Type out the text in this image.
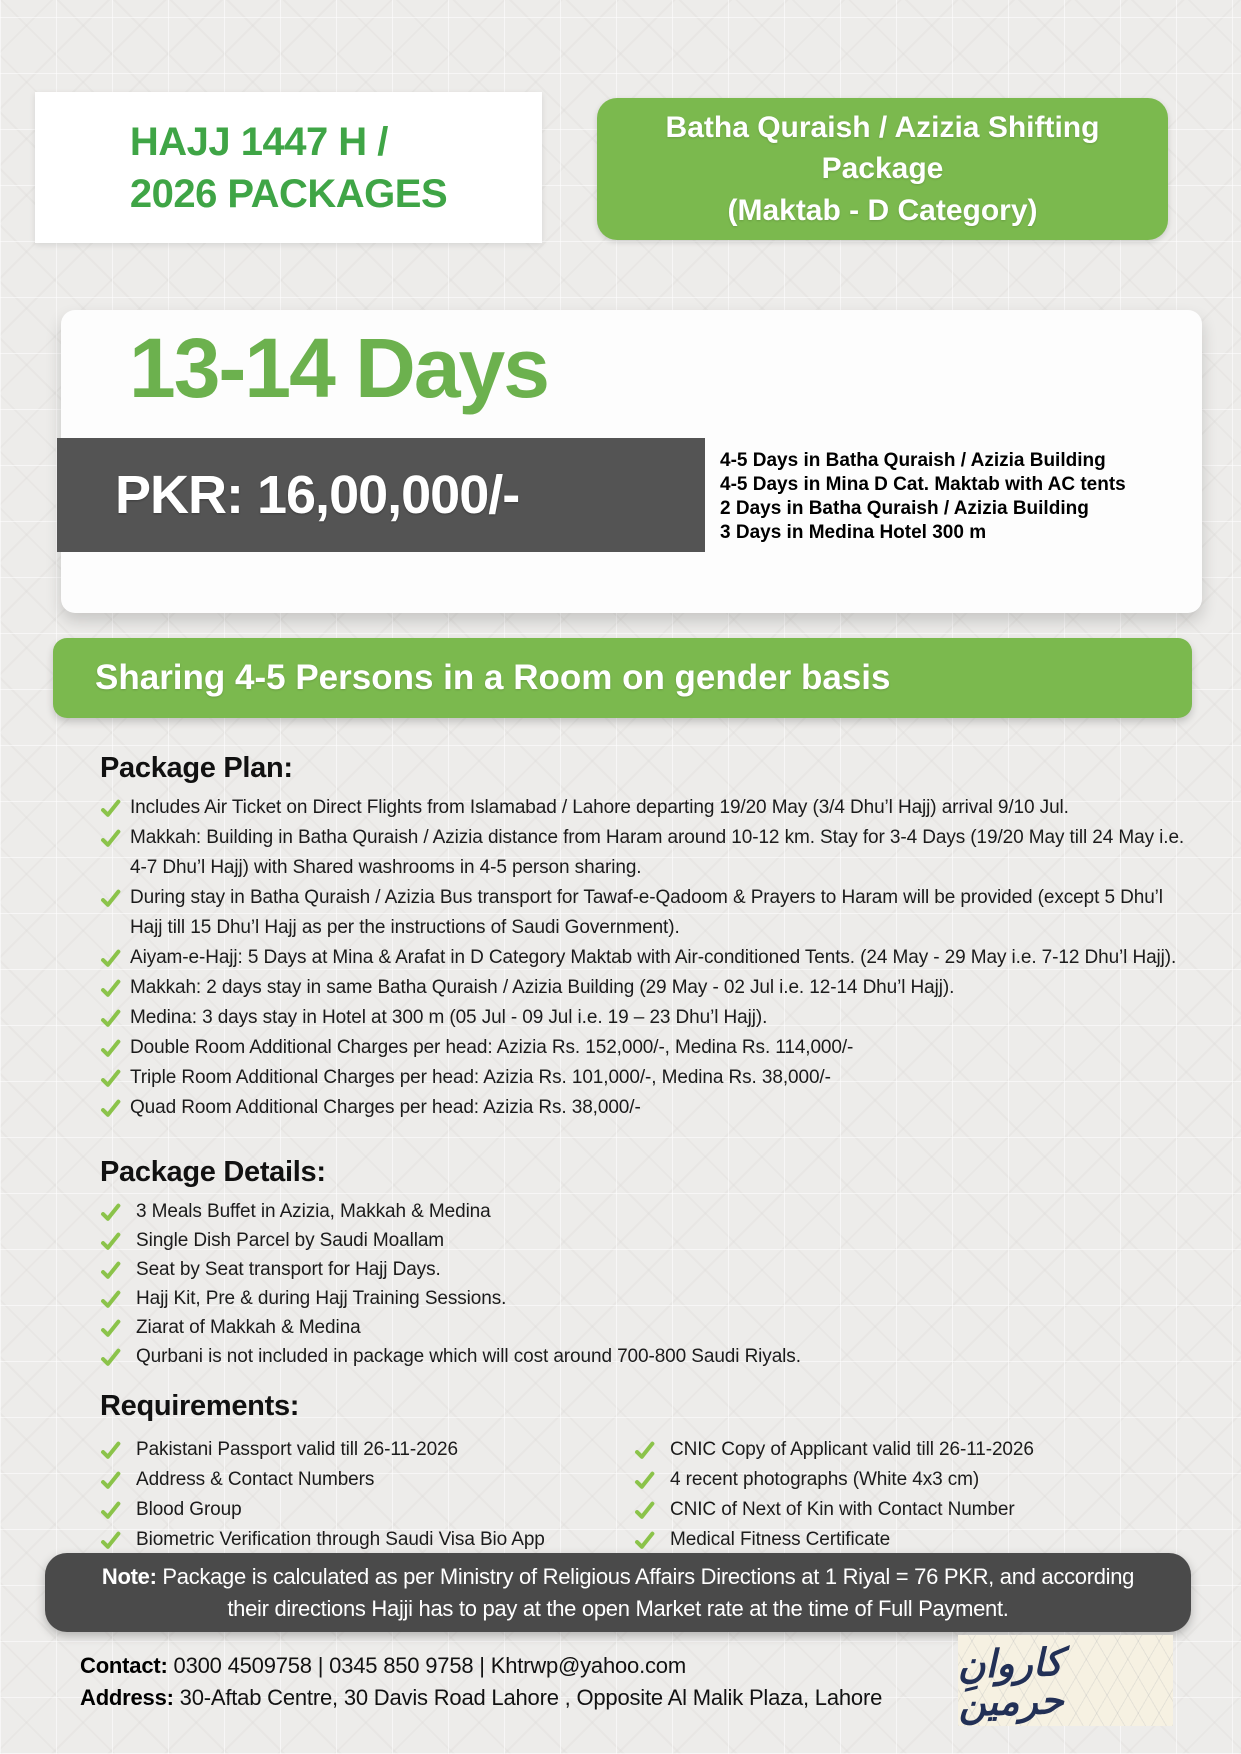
HAJJ 1447 H /
2026 PACKAGES
Batha Quraish / Azizia Shifting Package
(Maktab - D Category)
13-14 Days
PKR: 16,00,000/-
4-5 Days in Batha Quraish / Azizia Building
4-5 Days in Mina D Cat. Maktab with AC tents
2 Days in Batha Quraish / Azizia Building
3 Days in Medina Hotel 300 m
Sharing 4-5 Persons in a Room on gender basis
Package Plan:
Includes Air Ticket on Direct Flights from Islamabad / Lahore departing 19/20 May (3/4 Dhu’l Hajj) arrival 9/10 Jul.
Makkah: Building in Batha Quraish / Azizia distance from Haram around 10-12 km. Stay for 3-4 Days (19/20 May till 24 May i.e. 4-7 Dhu’l Hajj) with Shared washrooms in 4-5 person sharing.
During stay in Batha Quraish / Azizia Bus transport for Tawaf-e-Qadoom & Prayers to Haram will be provided (except 5 Dhu’l Hajj till 15 Dhu’l Hajj as per the instructions of Saudi Government).
Aiyam-e-Hajj: 5 Days at Mina & Arafat in D Category Maktab with Air-conditioned Tents. (24 May - 29 May i.e. 7-12 Dhu’l Hajj).
Makkah: 2 days stay in same Batha Quraish / Azizia Building (29 May - 02 Jul i.e. 12-14 Dhu’l Hajj).
Medina: 3 days stay in Hotel at 300 m (05 Jul - 09 Jul i.e. 19 – 23 Dhu’l Hajj).
Double Room Additional Charges per head: Azizia Rs. 152,000/-, Medina Rs. 114,000/-
Triple Room Additional Charges per head: Azizia Rs. 101,000/-, Medina Rs. 38,000/-
Quad Room Additional Charges per head: Azizia Rs. 38,000/-
Package Details:
3 Meals Buffet in Azizia, Makkah & Medina
Single Dish Parcel by Saudi Moallam
Seat by Seat transport for Hajj Days.
Hajj Kit, Pre & during Hajj Training Sessions.
Ziarat of Makkah & Medina
Qurbani is not included in package which will cost around 700-800 Saudi Riyals.
Requirements:
Pakistani Passport valid till 26-11-2026
Address & Contact Numbers
Blood Group
Biometric Verification through Saudi Visa Bio App
CNIC Copy of Applicant valid till 26-11-2026
4 recent photographs (White 4x3 cm)
CNIC of Next of Kin with Contact Number
Medical Fitness Certificate
Note: Package is calculated as per Ministry of Religious Affairs Directions at 1 Riyal = 76 PKR, and according their directions Hajji has to pay at the open Market rate at the time of Full Payment.
Contact: 0300 4509758 | 0345 850 9758 | Khtrwp@yahoo.com
Address: 30-Aftab Centre, 30 Davis Road Lahore , Opposite Al Malik Plaza, Lahore
کاروانِ حرمین
